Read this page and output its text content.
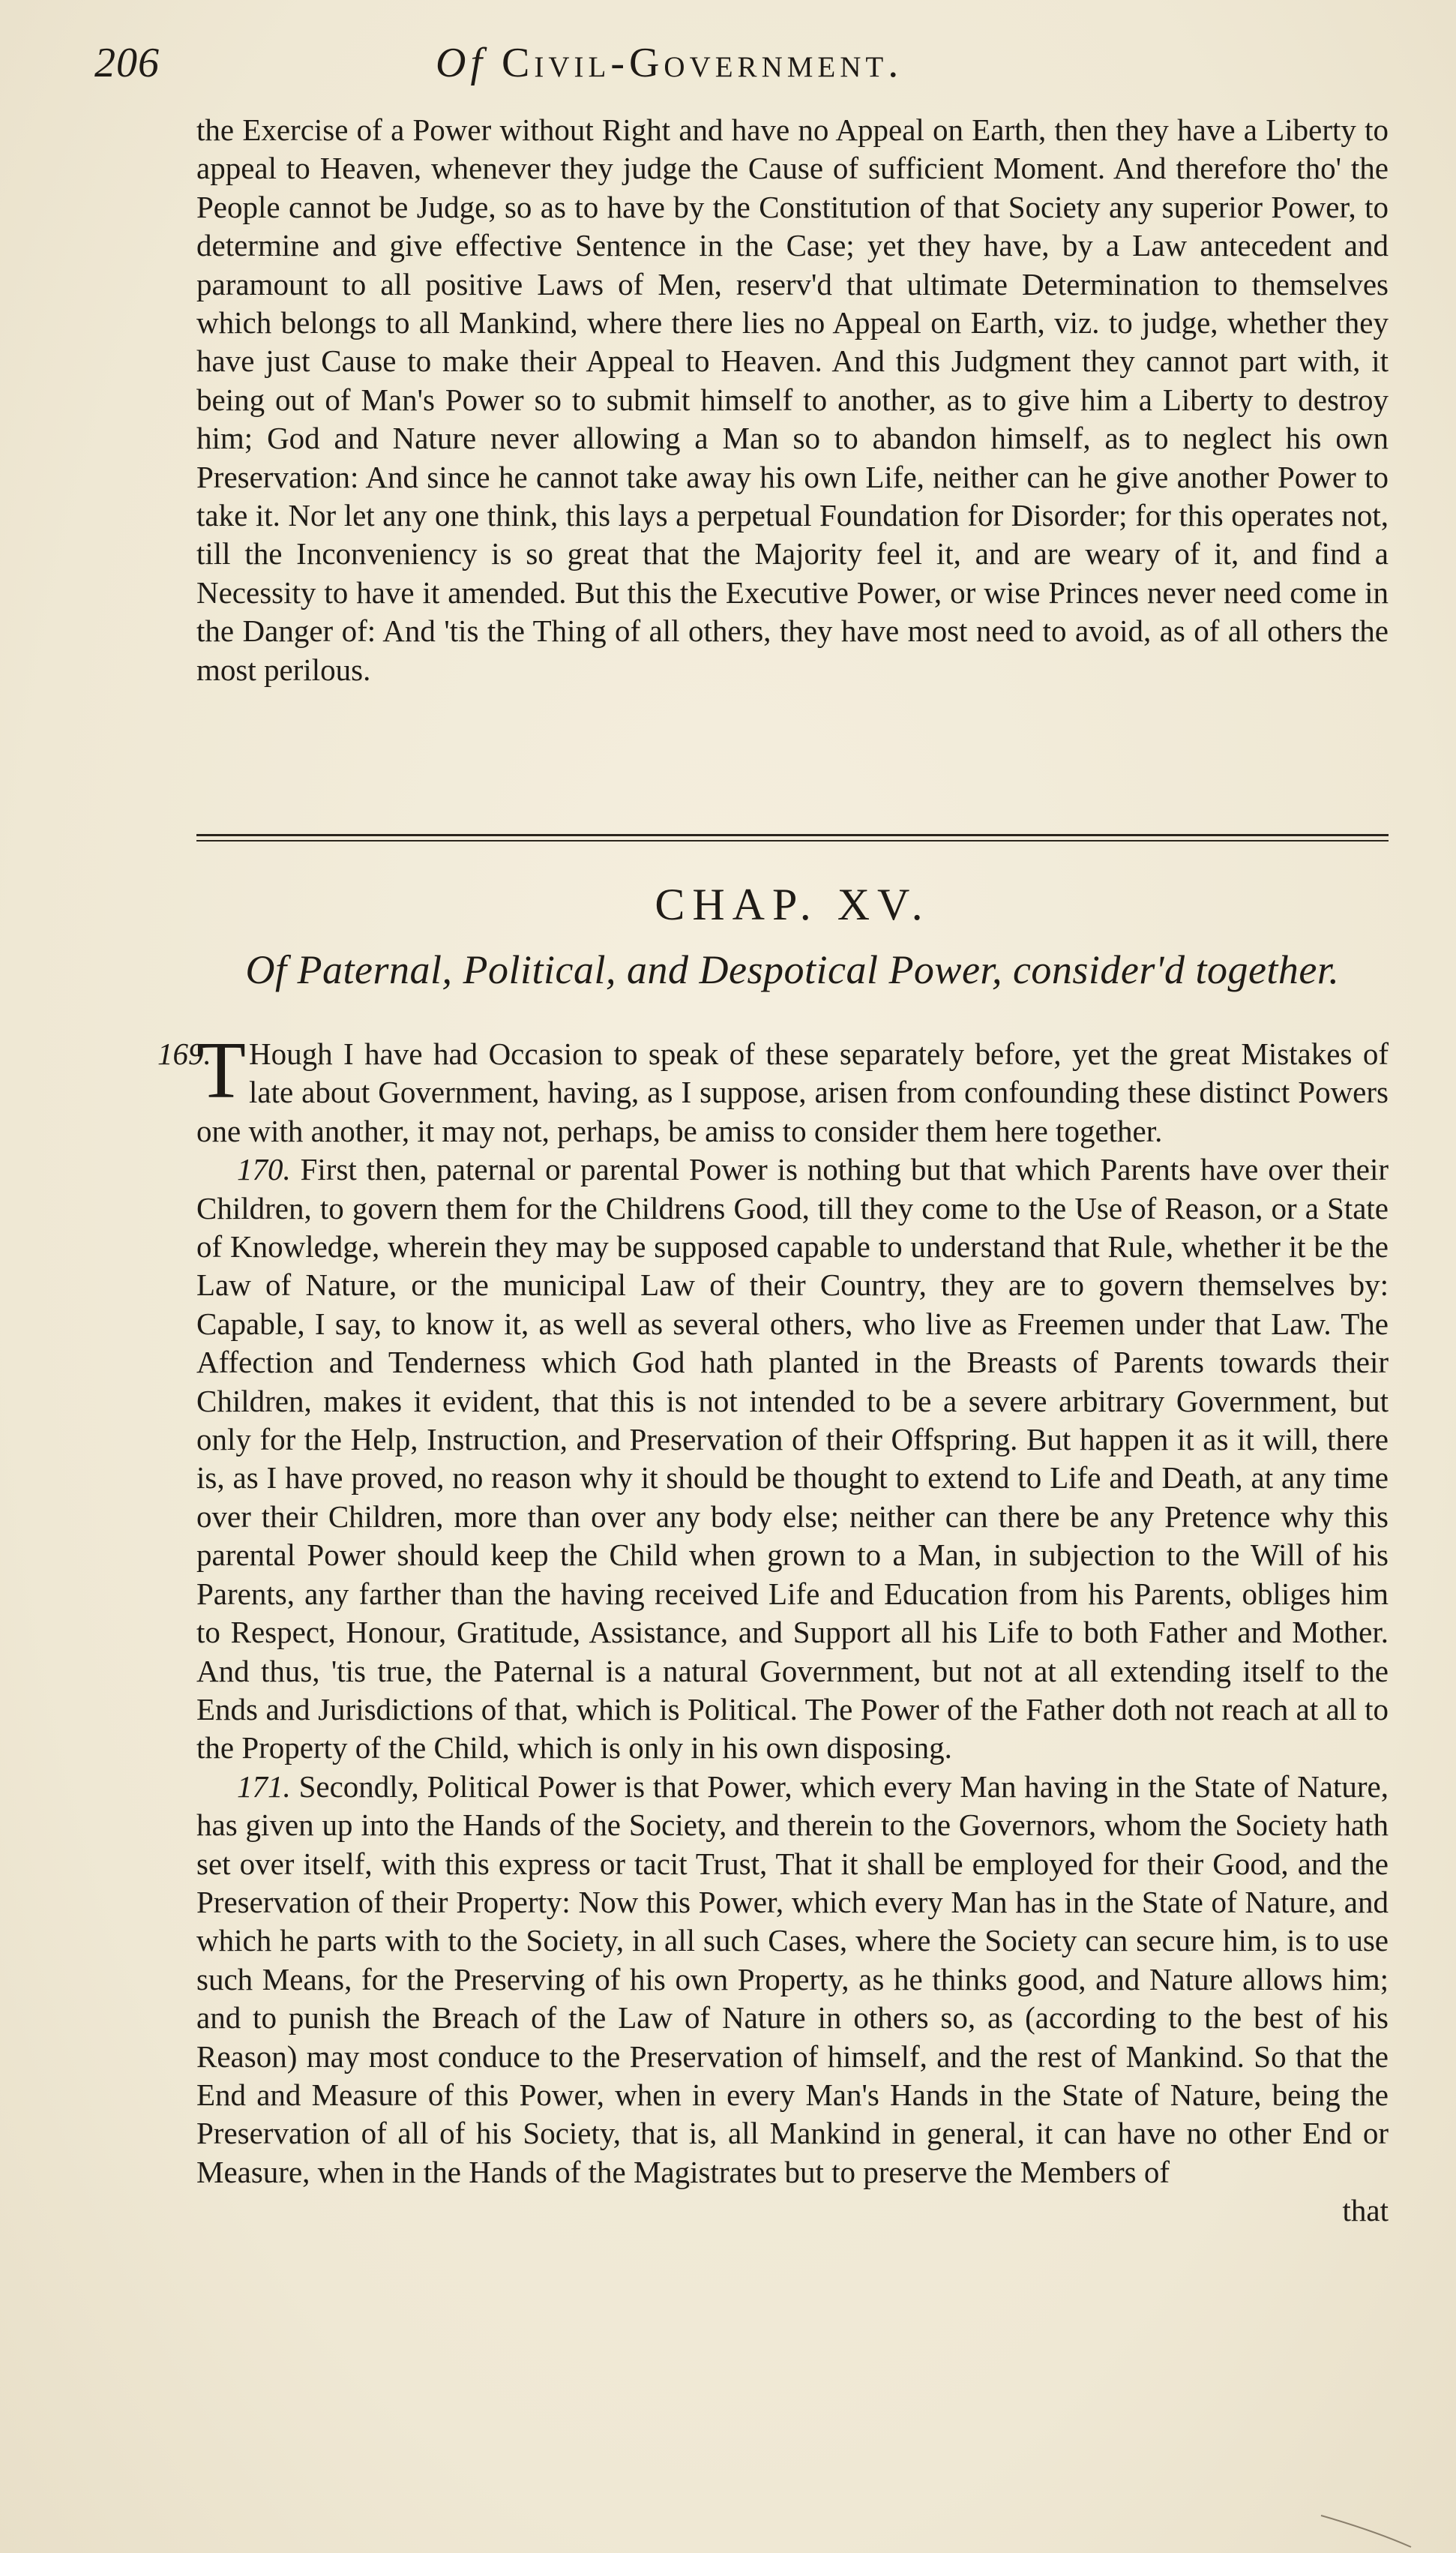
206	Of Civil-Government.

the Exercise of a Power without Right and have no Appeal on Earth, then they have a Liberty to appeal to Heaven, whenever they judge the Cause of sufficient Moment. And therefore tho' the People cannot be Judge, so as to have by the Constitution of that Society any superior Power, to determine and give effective Sentence in the Case; yet they have, by a Law antecedent and paramount to all positive Laws of Men, reserv'd that ultimate Determination to themselves which belongs to all Mankind, where there lies no Appeal on Earth, viz. to judge, whether they have just Cause to make their Appeal to Heaven. And this Judgment they cannot part with, it being out of Man's Power so to submit himself to another, as to give him a Liberty to destroy him; God and Nature never allowing a Man so to abandon himself, as to neglect his own Preservation: And since he cannot take away his own Life, neither can he give another Power to take it. Nor let any one think, this lays a perpetual Foundation for Disorder; for this operates not, till the Inconveniency is so great that the Majority feel it, and are weary of it, and find a Necessity to have it amended. But this the Executive Power, or wise Princes never need come in the Danger of: And 'tis the Thing of all others, they have most need to avoid, as of all others the most perilous.

CHAP. XV.
Of Paternal, Political, and Despotical Power, consider'd together.

169.
T Hough I have had Occasion to speak of these separately before, yet the great Mistakes of late about Government, having, as I suppose, arisen from confounding these distinct Powers one with another, it may not, perhaps, be amiss to consider them here together.

170. First then, paternal or parental Power is nothing but that which Parents have over their Children, to govern them for the Childrens Good, till they come to the Use of Reason, or a State of Knowledge, wherein they may be supposed capable to understand that Rule, whether it be the Law of Nature, or the municipal Law of their Country, they are to govern themselves by: Capable, I say, to know it, as well as several others, who live as Freemen under that Law. The Affection and Tenderness which God hath planted in the Breasts of Parents towards their Children, makes it evident, that this is not intended to be a severe arbitrary Government, but only for the Help, Instruction, and Preservation of their Offspring. But happen it as it will, there is, as I have proved, no reason why it should be thought to extend to Life and Death, at any time over their Children, more than over any body else; neither can there be any Pretence why this parental Power should keep the Child when grown to a Man, in subjection to the Will of his Parents, any farther than the having received Life and Education from his Parents, obliges him to Respect, Honour, Gratitude, Assistance, and Support all his Life to both Father and Mother. And thus, 'tis true, the Paternal is a natural Government, but not at all extending itself to the Ends and Jurisdictions of that, which is Political. The Power of the Father doth not reach at all to the Property of the Child, which is only in his own disposing.

171. Secondly, Political Power is that Power, which every Man having in the State of Nature, has given up into the Hands of the Society, and therein to the Governors, whom the Society hath set over itself, with this express or tacit Trust, That it shall be employed for their Good, and the Preservation of their Property: Now this Power, which every Man has in the State of Nature, and which he parts with to the Society, in all such Cases, where the Society can secure him, is to use such Means, for the Preserving of his own Property, as he thinks good, and Nature allows him; and to punish the Breach of the Law of Nature in others so, as (according to the best of his Reason) may most conduce to the Preservation of himself, and the rest of Mankind. So that the End and Measure of this Power, when in every Man's Hands in the State of Nature, being the Preservation of all of his Society, that is, all Mankind in general, it can have no other End or Measure, when in the Hands of the Magistrates but to preserve the Members of

that
